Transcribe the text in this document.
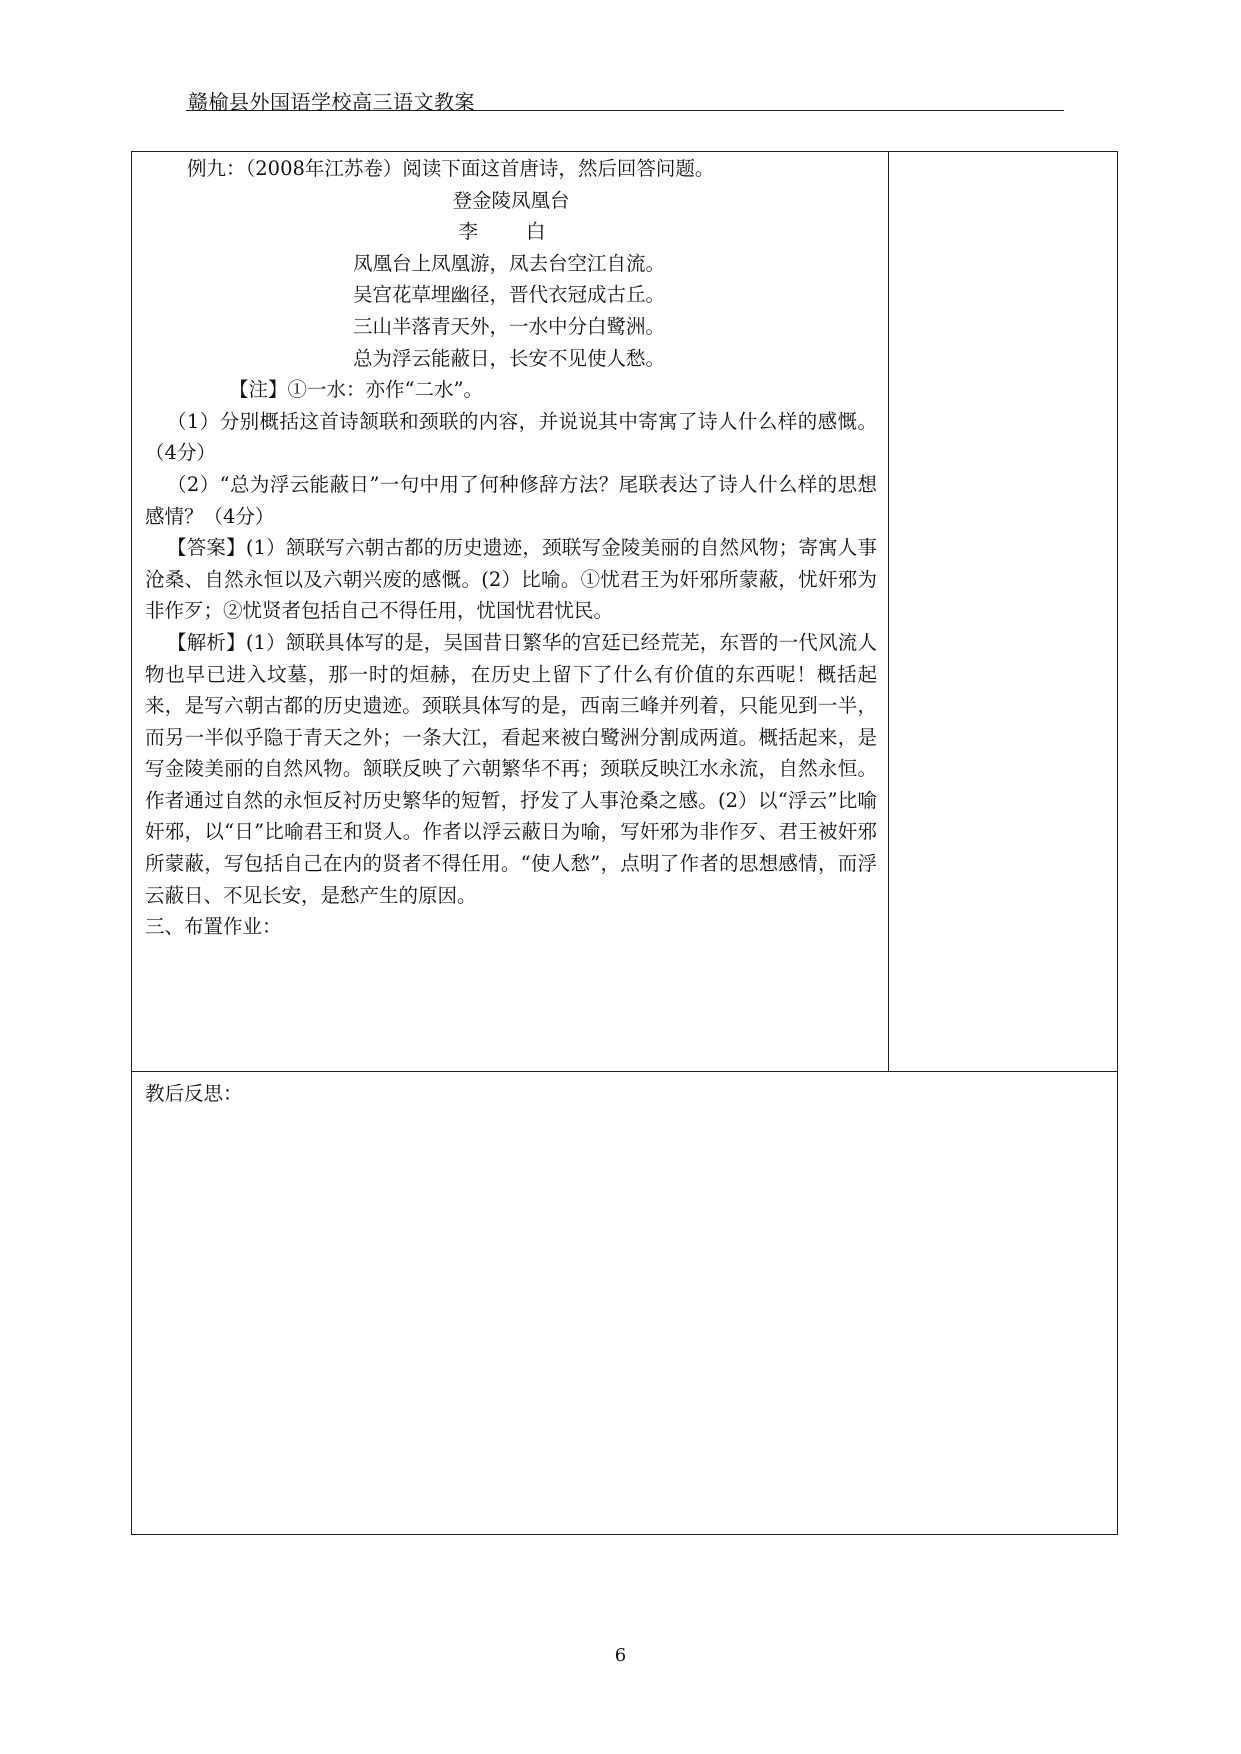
赣榆县外国语学校高三语文教案

例九：（2008年江苏卷）阅读下面这首唐诗，然后回答问题。

登金陵凤凰台

李白

凤凰台上凤凰游，凤去台空江自流。

吴宫花草埋幽径，晋代衣冠成古丘。

三山半落青天外，一水中分白鹭洲。

总为浮云能蔽日，长安不见使人愁。

【注】①一水：亦作“二水”。

（1）分别概括这首诗颔联和颈联的内容，并说说其中寄寓了诗人什么样的感慨。（4分）

（2）“总为浮云能蔽日”一句中用了何种修辞方法？尾联表达了诗人什么样的思想感情？（4分）

【答案】(1）颔联写六朝古都的历史遗迹，颈联写金陵美丽的自然风物；寄寓人事沧桑、自然永恒以及六朝兴废的感慨。(2）比喻。①忧君王为奸邪所蒙蔽，忧奸邪为非作歹；②忧贤者包括自己不得任用，忧国忧君忧民。

【解析】(1）颔联具体写的是，吴国昔日繁华的宫廷已经荒芜，东晋的一代风流人物也早已进入坟墓，那一时的烜赫，在历史上留下了什么有价值的东西呢！概括起来，是写六朝古都的历史遗迹。颈联具体写的是，西南三峰并列着，只能见到一半，而另一半似乎隐于青天之外；一条大江，看起来被白鹭洲分割成两道。概括起来，是写金陵美丽的自然风物。颔联反映了六朝繁华不再；颈联反映江水永流，自然永恒。作者通过自然的永恒反衬历史繁华的短暂，抒发了人事沧桑之感。(2）以“浮云”比喻奸邪，以“日”比喻君王和贤人。作者以浮云蔽日为喻，写奸邪为非作歹、君王被奸邪所蒙蔽，写包括自己在内的贤者不得任用。“使人愁”，点明了作者的思想感情，而浮云蔽日、不见长安，是愁产生的原因。

三、布置作业：

教后反思：
6
